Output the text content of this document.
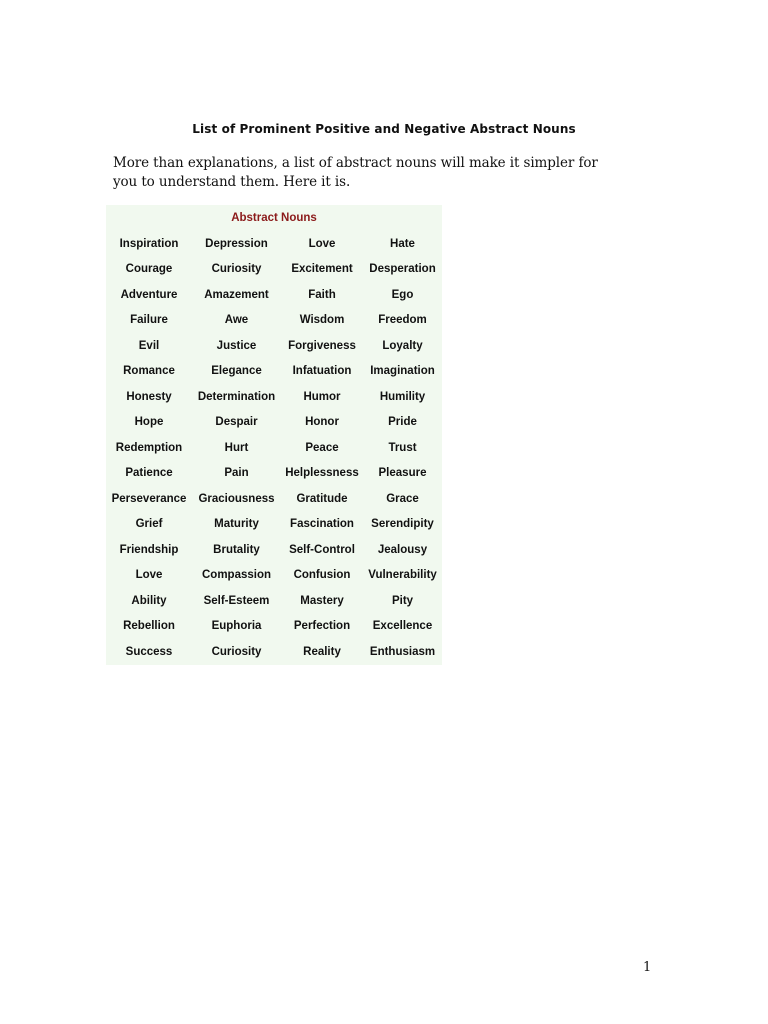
List of Prominent Positive and Negative Abstract Nouns
More than explanations, a list of abstract nouns will make it simpler for you to understand them. Here it is.
Abstract Nouns			
Inspiration	Depression	Love	Hate
Courage	Curiosity	Excitement	Desperation
Adventure	Amazement	Faith	Ego
Failure	Awe	Wisdom	Freedom
Evil	Justice	Forgiveness	Loyalty
Romance	Elegance	Infatuation	Imagination
Honesty	Determination	Humor	Humility
Hope	Despair	Honor	Pride
Redemption	Hurt	Peace	Trust
Patience	Pain	Helplessness	Pleasure
Perseverance	Graciousness	Gratitude	Grace
Grief	Maturity	Fascination	Serendipity
Friendship	Brutality	Self-Control	Jealousy
Love	Compassion	Confusion	Vulnerability
Ability	Self-Esteem	Mastery	Pity
Rebellion	Euphoria	Perfection	Excellence
Success	Curiosity	Reality	Enthusiasm
1
